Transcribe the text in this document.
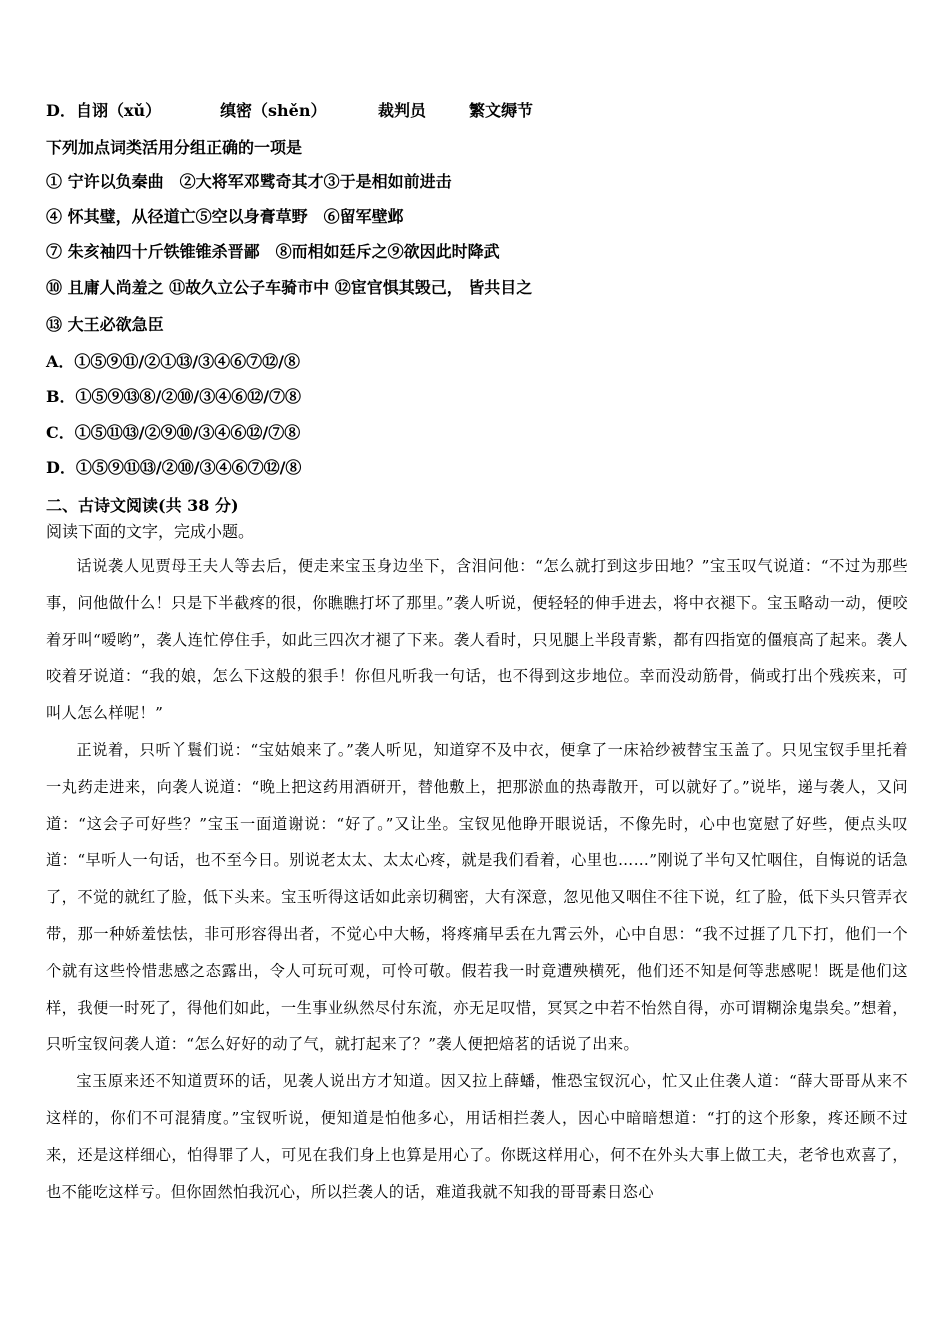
D．自诩（xǔ）	缜密（shěn）	裁判员	繁文缛节
下列加点词类活用分组正确的一项是
① 宁许以负秦曲　②大将军邓骘奇其才③于是相如前进击
④ 怀其璧，从径道亡⑤空以身膏草野　⑥留军壁邺
⑦ 朱亥袖四十斤铁锥锥杀晋鄙　⑧而相如廷斥之⑨欲因此时降武
⑩ 且庸人尚羞之 ⑪故久立公子车骑市中 ⑫宦官惧其毁己， 皆共目之
⑬ 大王必欲急臣
A．①⑤⑨⑪/②①⑬/③④⑥⑦⑫/⑧
B．①⑤⑨⑬⑧/②⑩/③④⑥⑫/⑦⑧
C．①⑤⑪⑬/②⑨⑩/③④⑥⑫/⑦⑧
D．①⑤⑨⑪⑬/②⑩/③④⑥⑦⑫/⑧
二、古诗文阅读(共 38 分)
阅读下面的文字，完成小题。

话说袭人见贾母王夫人等去后，便走来宝玉身边坐下，含泪问他：“怎么就打到这步田地？”宝玉叹气说道：“不过为那些事，问他做什么！只是下半截疼的很，你瞧瞧打坏了那里。”袭人听说，便轻轻的伸手进去，将中衣褪下。宝玉略动一动，便咬着牙叫“嗳哟”，袭人连忙停住手，如此三四次才褪了下来。袭人看时，只见腿上半段青紫，都有四指宽的僵痕高了起来。袭人咬着牙说道：“我的娘，怎么下这般的狠手！你但凡听我一句话，也不得到这步地位。幸而没动筋骨，倘或打出个残疾来，可叫人怎么样呢！”

正说着，只听丫鬟们说：“宝姑娘来了。”袭人听见，知道穿不及中衣，便拿了一床袷纱被替宝玉盖了。只见宝钗手里托着一丸药走进来，向袭人说道：“晚上把这药用酒研开，替他敷上，把那淤血的热毒散开，可以就好了。”说毕，递与袭人，又问道：“这会子可好些？”宝玉一面道谢说：“好了。”又让坐。宝钗见他睁开眼说话，不像先时，心中也宽慰了好些，便点头叹道：“早听人一句话，也不至今日。别说老太太、太太心疼，就是我们看着，心里也……”刚说了半句又忙咽住，自悔说的话急了，不觉的就红了脸，低下头来。宝玉听得这话如此亲切稠密，大有深意，忽见他又咽住不往下说，红了脸，低下头只管弄衣带，那一种娇羞怯怯，非可形容得出者，不觉心中大畅，将疼痛早丢在九霄云外，心中自思：“我不过捱了几下打，他们一个个就有这些怜惜悲感之态露出，令人可玩可观，可怜可敬。假若我一时竟遭殃横死，他们还不知是何等悲感呢！既是他们这样，我便一时死了，得他们如此，一生事业纵然尽付东流，亦无足叹惜，冥冥之中若不怡然自得，亦可谓糊涂鬼祟矣。”想着，只听宝钗问袭人道：“怎么好好的动了气，就打起来了？”袭人便把焙茗的话说了出来。

宝玉原来还不知道贾环的话，见袭人说出方才知道。因又拉上薛蟠，惟恐宝钗沉心，忙又止住袭人道：“薛大哥哥从来不这样的，你们不可混猜度。”宝钗听说，便知道是怕他多心，用话相拦袭人，因心中暗暗想道：“打的这个形象，疼还顾不过来，还是这样细心，怕得罪了人，可见在我们身上也算是用心了。你既这样用心，何不在外头大事上做工夫，老爷也欢喜了，也不能吃这样亏。但你固然怕我沉心，所以拦袭人的话，难道我就不知我的哥哥素日恣心
